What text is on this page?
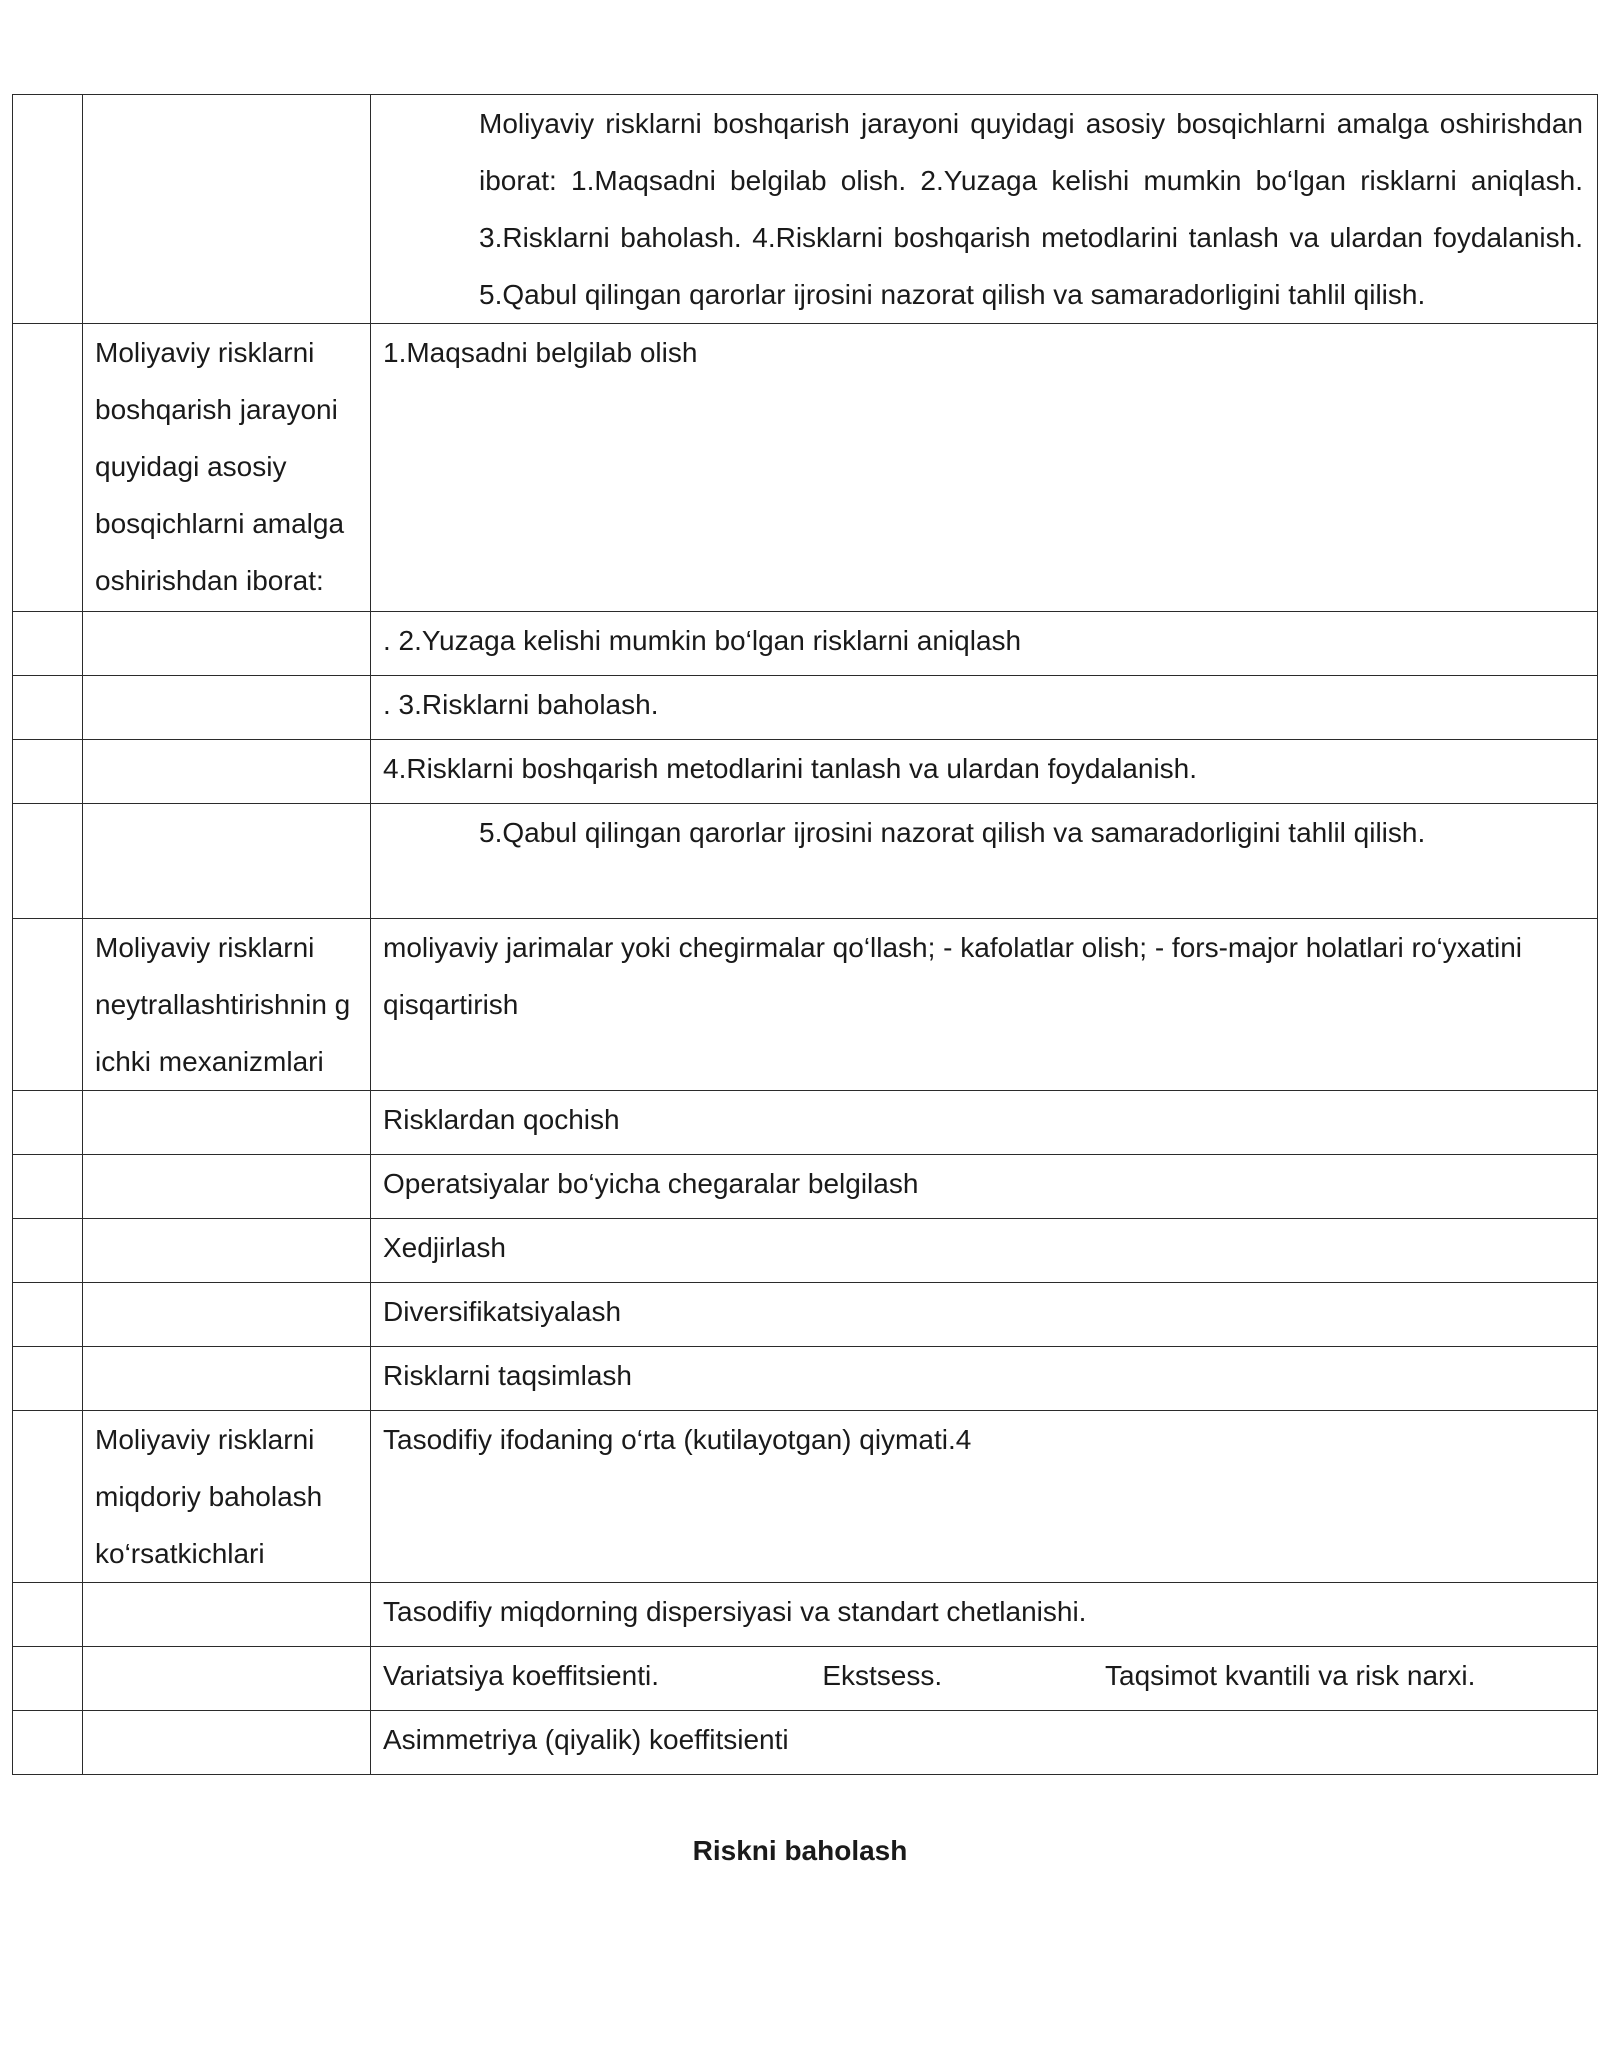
		Moliyaviy risklarni boshqarish jarayoni quyidagi asosiy bosqichlarni amalga oshirishdan iborat: 1.Maqsadni belgilab olish. 2.Yuzaga kelishi mumkin bo‘lgan risklarni aniqlash. 3.Risklarni baholash. 4.Risklarni boshqarish metodlarini tanlash va ulardan foydalanish. 5.Qabul qilingan qarorlar ijrosini nazorat qilish va samaradorligini tahlil qilish.
	Moliyaviy risklarni boshqarish jarayoni quyidagi asosiy bosqichlarni amalga oshirishdan iborat:	1.Maqsadni belgilab olish
		. 2.Yuzaga kelishi mumkin bo‘lgan risklarni aniqlash
		. 3.Risklarni baholash.
		4.Risklarni boshqarish metodlarini tanlash va ulardan foydalanish.
		5.Qabul qilingan qarorlar ijrosini nazorat qilish va samaradorligini tahlil qilish.
	Moliyaviy risklarni neytrallashtirishnin g ichki mexanizmlari	moliyaviy jarimalar yoki chegirmalar qo‘llash; - kafolatlar olish; - fors-major holatlari ro‘yxatini qisqartirish
		Risklardan qochish
		Operatsiyalar bo‘yicha chegaralar belgilash
		Xedjirlash
		Diversifikatsiyalash
		Risklarni taqsimlash
	Moliyaviy risklarni miqdoriy baholash ko‘rsatkichlari	Tasodifiy ifodaning o‘rta (kutilayotgan) qiymati.4
		Tasodifiy miqdorning dispersiyasi va standart chetlanishi.
		Variatsiya koeffitsienti.                     Ekstsess.                     Taqsimot kvantili va risk narxi.
		Asimmetriya (qiyalik) koeffitsienti
Riskni baholash
